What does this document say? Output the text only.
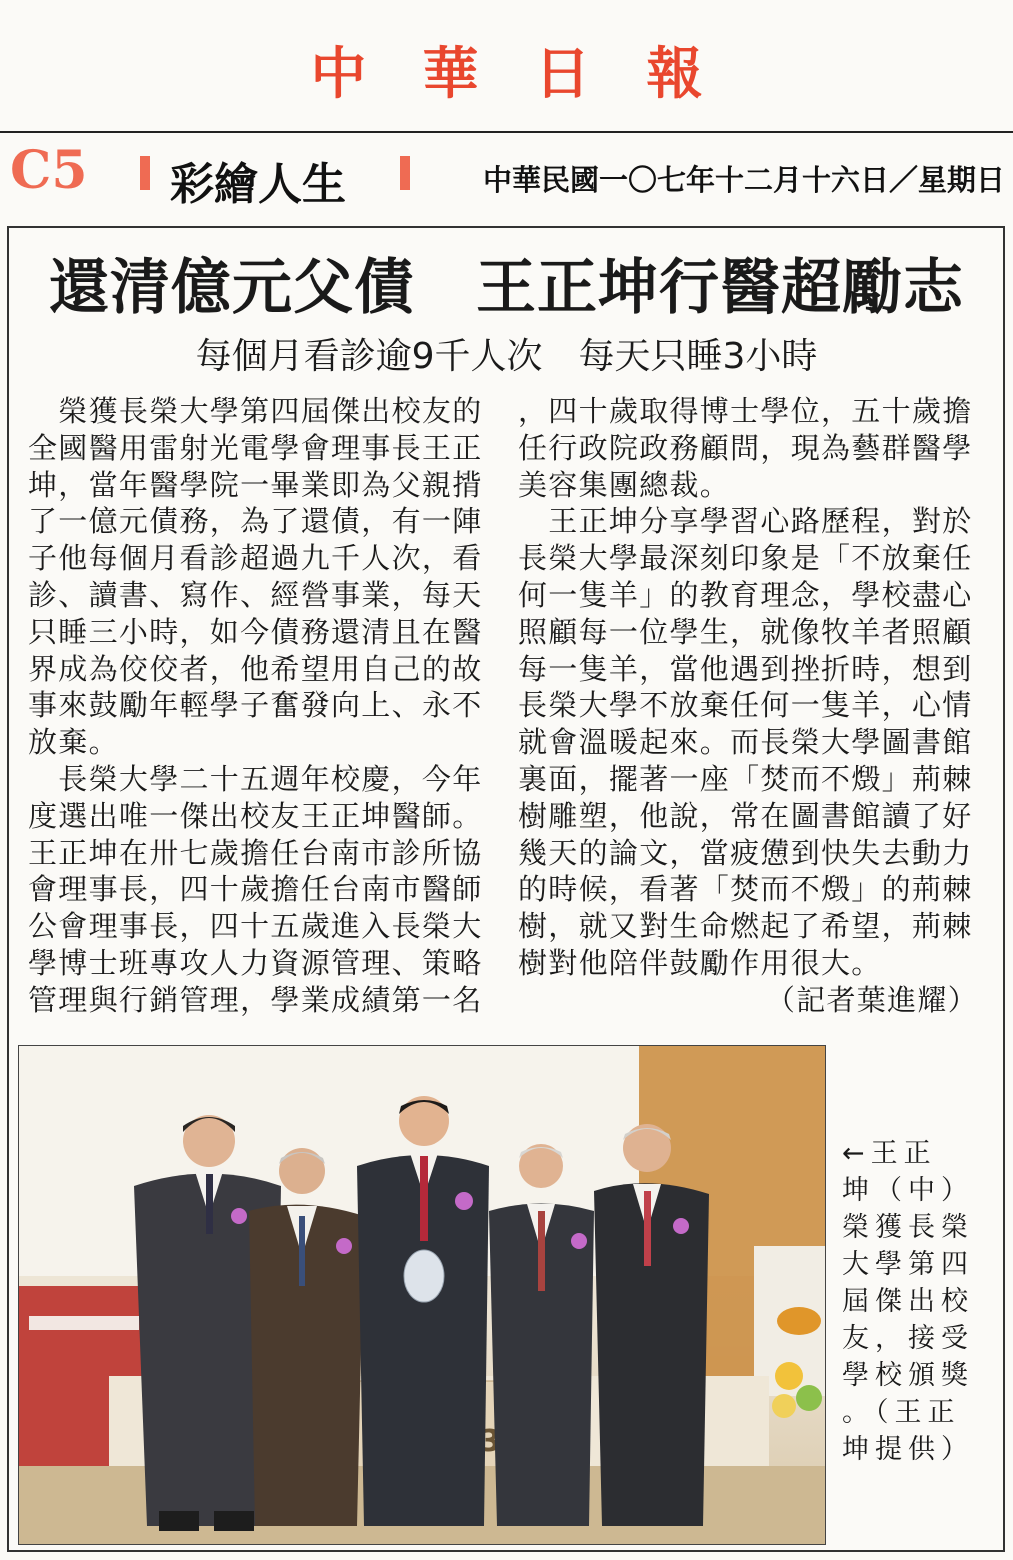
中華日報
C5 彩繪人生	中華民國一〇七年十二月十六日／星期日
還清億元父債　王正坤行醫超勵志
每個月看診逾9千人次　每天只睡3小時
　榮獲長榮大學第四屆傑出校友的
全國醫用雷射光電學會理事長王正
坤，當年醫學院一畢業即為父親揹
了一億元債務，為了還債，有一陣
子他每個月看診超過九千人次，看
診、讀書、寫作、經營事業，每天
只睡三小時，如今債務還清且在醫
界成為佼佼者，他希望用自己的故
事來鼓勵年輕學子奮發向上、永不
放棄。
　長榮大學二十五週年校慶，今年
度選出唯一傑出校友王正坤醫師。
王正坤在卅七歲擔任台南市診所協
會理事長，四十歲擔任台南市醫師
公會理事長，四十五歲進入長榮大
學博士班專攻人力資源管理、策略
管理與行銷管理，學業成績第一名
，四十歲取得博士學位，五十歲擔
任行政院政務顧問，現為藝群醫學
美容集團總裁。
　王正坤分享學習心路歷程，對於
長榮大學最深刻印象是「不放棄任
何一隻羊」的教育理念，學校盡心
照顧每一位學生，就像牧羊者照顧
每一隻羊，當他遇到挫折時，想到
長榮大學不放棄任何一隻羊，心情
就會溫暖起來。而長榮大學圖書館
裏面，擺著一座「焚而不燬」荊棘
樹雕塑，他說，常在圖書館讀了好
幾天的論文，當疲憊到快失去動力
的時候，看著「焚而不燬」的荊棘
樹，就又對生命燃起了希望，荊棘
樹對他陪伴鼓勵作用很大。
（記者葉進耀）
←王正
坤（中）
榮獲長榮
大學第四
屆傑出校
友，接受
學校頒獎
。（王正
坤提供）
